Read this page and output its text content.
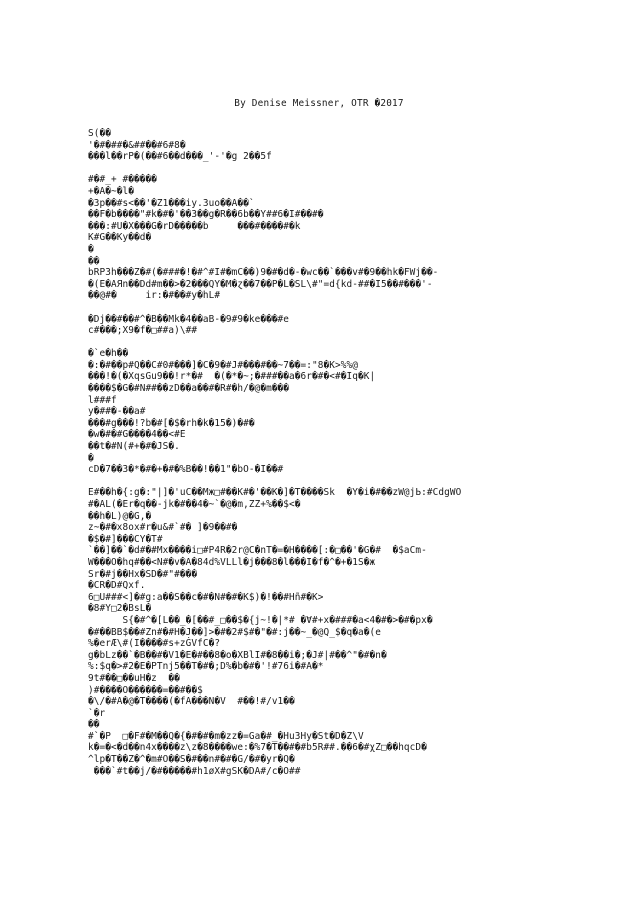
By Denise Meissner, OTR �2017
S(��
'�#�##�&##��#6#8�
���l��rP�(��#6��d���_'-'�g 2��5f
#�#_+ #�����
+�A�~�l�
�3p��#s<��'�Z1���iy.3uo��A��`
��F�b����"#k�#�'��3��g�R��6b��Y##6�I#��#�
���:#U�X���G�rD�����b     ���#����#�k
K#G��Ky��d�
�
��
bRP3h���Z�#(�###�!�#^#I#�mC��)9�#�d�-�wc��`���v#�9��hk�FWj��-
�(E�AЯn��Dd#m��>�2���QY�M�ɀ��7��P�L�SL\#"=d{kd-##�I5��#���'-
��@#�     ir:�#��#y�hL#
�Dj��#��#^�B��Mk�4��aB-�9#9�ke���#e
c#���;X9�f�□##a)\##
�`e�h��
�:�#��p#Q��C#0#���]�C�9�#J#���#��~7��=:"8�K>%%@
���!�(�XqsGu9��!r*�#  �(�*�~;�###��a�6r�#�<#�Iq�K|
����$�G�#N##��zD��a��#�R#�h/�@�m���
l###f
y�##�-��a#
���#g���!?b�#[�$�rh�k�15�)�#�
�w�#�#G����4��<#E
��t�#N(#+�#�JS�.
�
cD�7��3�*�#�+�#�%B��!��1"�bO-�I��#
E#��h�{:g�:"|]�'uC��Mж□#��K#�'��K�]�T����Sk  �Y�i�#��zW@jЬ:#CdgWO
#�AL(�Er�q��-jk�#��4�~`�@�m,ZZ+%��$<�
��h�L)@�G,�
z~�#�x8ox#r�u&#`#� ]�9��#�
�$�#]���CY�T#
`��]��`�d#�#Mx����i□#P4R�2r@C�nT�=�H����[:�□��'�G�#  �$aCm-
W���O�hq#��<N#�v�A�84d%VLLl�j���8�l���I�f�^�+�1S�ж
Sr�#j��Hx�SD�#"#���
�CR�D#Qxf.
6□U###<]�#g:a��S��c�#�N#�#�K$)�!��#Hñ#�K>
�8#Y□2�BsL�
S{�#^�[L��_�[��#_□��$�{j~!�|*# �Ɐ#+x�###�a<4�#�>�#�px�
�#��BB$��#Zn#�#H�J��]>�#�2#$#�"�#:j��~_�@Q_$�q�a�(e
%�erÆ\#(I����#s+zĠVfC�?
g�bLz��`�B��#�V1�E�#��8�o�XBlI#�8��i�;�J#|#��^"�#�n�
%:$q�>#2�E�PTnj5��T�#�;D%�b�#�'!#76i�#A�*
9t#��□��uH�z  ��
)#����O������=��#��$
�\/�#A�@�T����(�fA���N�V  #��!#/v1��
`�r
��
#`�P  □�F#�M��Q�{�#�#�m�zz�=Ga�#_�Hu3Hy�St�D�Z\V
k�=�<�d��n4x����z\z�8����we:�%7�T��#�#b5R##.��6�#χZ□��hqcD�
^lp�T��Z�^�m#O��S�#��n#�#�G/�#�yr�Q�
���`#t��j/�#�����#h1øX#gSK�DA#/c�O##
